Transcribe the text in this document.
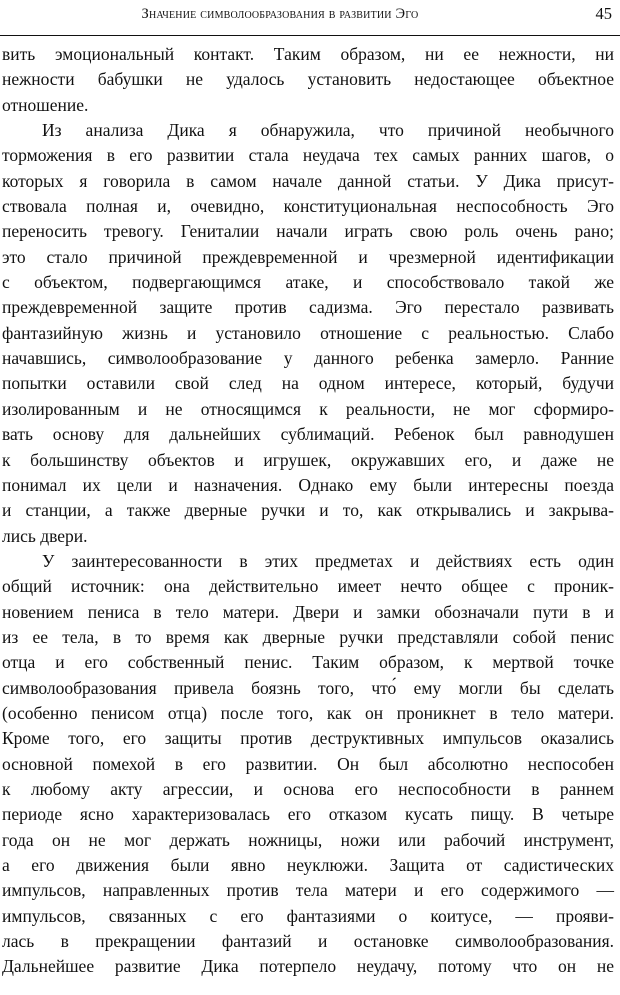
Значение символообразования в развитии Эго	45
вить эмоциональный контакт. Таким образом, ни ее нежности, ни
нежности бабушки не удалось установить недостающее объектное
отношение.
Из анализа Дика я обнаружила, что причиной необычного
торможения в его развитии стала неудача тех самых ранних шагов, о
которых я говорила в самом начале данной статьи. У Дика присут-
ствовала полная и, очевидно, конституциональная неспособность Эго
переносить тревогу. Гениталии начали играть свою роль очень рано;
это стало причиной преждевременной и чрезмерной идентификации
с объектом, подвергающимся атаке, и способствовало такой же
преждевременной защите против садизма. Эго перестало развивать
фантазийную жизнь и установило отношение с реальностью. Слабо
начавшись, символообразование у данного ребенка замерло. Ранние
попытки оставили свой след на одном интересе, который, будучи
изолированным и не относящимся к реальности, не мог сформиро-
вать основу для дальнейших сублимаций. Ребенок был равнодушен
к большинству объектов и игрушек, окружавших его, и даже не
понимал их цели и назначения. Однако ему были интересны поезда
и станции, а также дверные ручки и то, как открывались и закрыва-
лись двери.
У заинтересованности в этих предметах и действиях есть один
общий источник: она действительно имеет нечто общее с проник-
новением пениса в тело матери. Двери и замки обозначали пути в и
из ее тела, в то время как дверные ручки представляли собой пенис
отца и его собственный пенис. Таким образом, к мертвой точке
символообразования привела боязнь того, что́ ему могли бы сделать
(особенно пенисом отца) после того, как он проникнет в тело матери.
Кроме того, его защиты против деструктивных импульсов оказались
основной помехой в его развитии. Он был абсолютно неспособен
к любому акту агрессии, и основа его неспособности в раннем
периоде ясно характеризовалась его отказом кусать пищу. В четыре
года он не мог держать ножницы, ножи или рабочий инструмент,
а его движения были явно неуклюжи. Защита от садистических
импульсов, направленных против тела матери и его содержимого —
импульсов, связанных с его фантазиями о коитусе, — прояви-
лась в прекращении фантазий и остановке символообразования.
Дальнейшее развитие Дика потерпело неудачу, потому что он не
